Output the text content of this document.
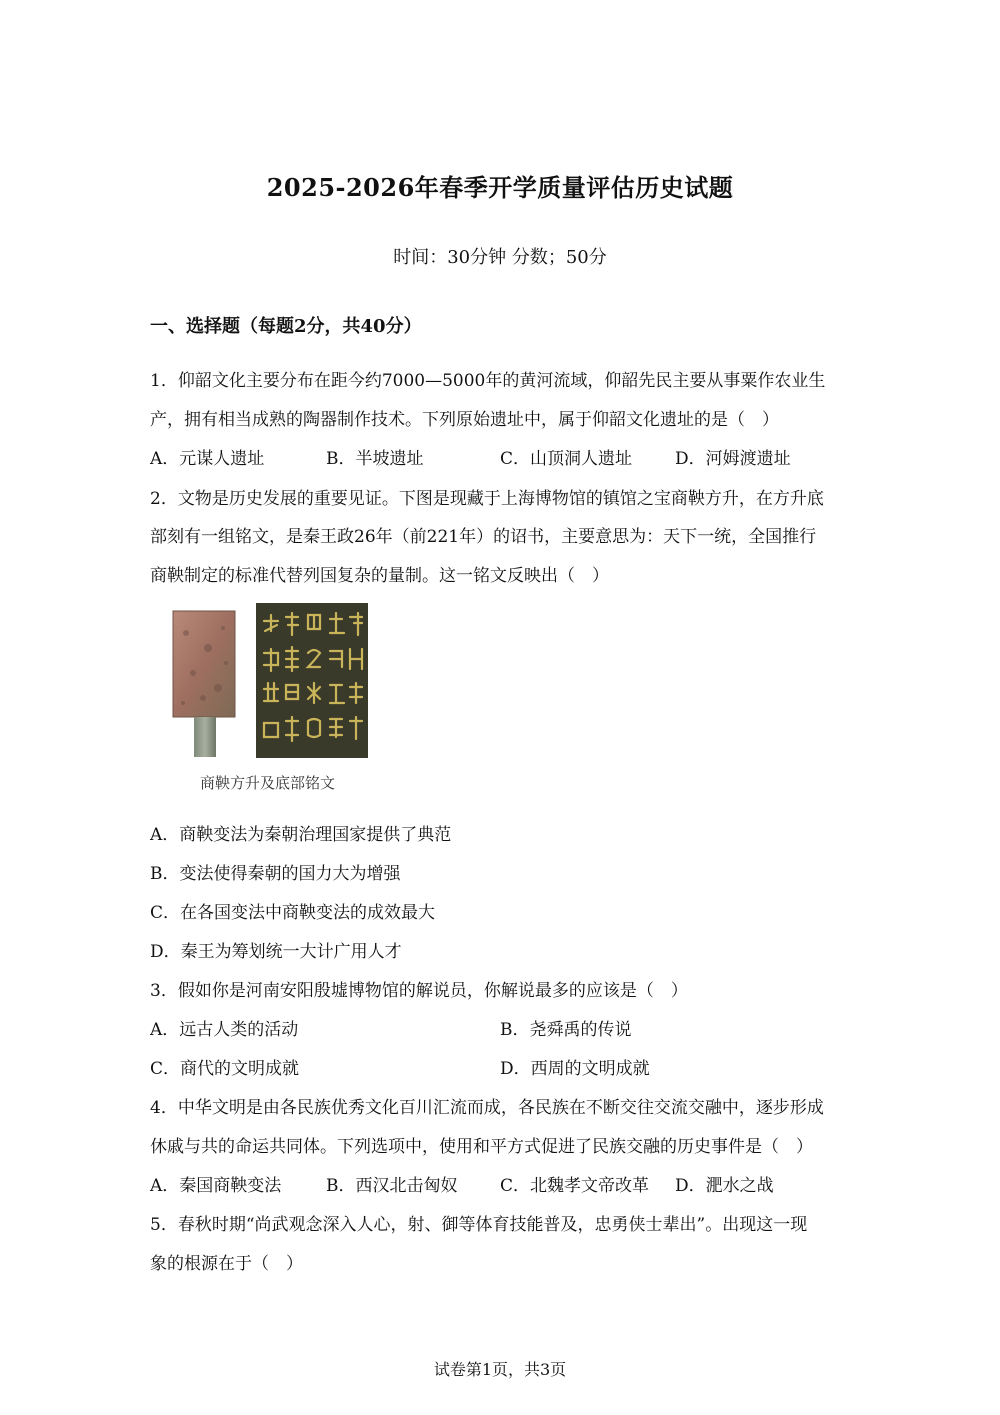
2025-2026年春季开学质量评估历史试题
时间：30分钟 分数；50分
一、选择题（每题2分，共40分）
1．仰韶文化主要分布在距今约7000—5000年的黄河流域，仰韶先民主要从事粟作农业生
产，拥有相当成熟的陶器制作技术。下列原始遗址中，属于仰韶文化遗址的是（　）
A．元谋人遗址	B．半坡遗址	C．山顶洞人遗址	D．河姆渡遗址
2．文物是历史发展的重要见证。下图是现藏于上海博物馆的镇馆之宝商鞅方升，在方升底
部刻有一组铭文，是秦王政26年（前221年）的诏书，主要意思为：天下一统，全国推行
商鞅制定的标准代替列国复杂的量制。这一铭文反映出（　）
商鞅方升及底部铭文
A．商鞅变法为秦朝治理国家提供了典范
B．变法使得秦朝的国力大为增强
C．在各国变法中商鞅变法的成效最大
D．秦王为筹划统一大计广用人才
3．假如你是河南安阳殷墟博物馆的解说员，你解说最多的应该是（　）
A．远古人类的活动	B．尧舜禹的传说
C．商代的文明成就	D．西周的文明成就
4．中华文明是由各民族优秀文化百川汇流而成，各民族在不断交往交流交融中，逐步形成
休戚与共的命运共同体。下列选项中，使用和平方式促进了民族交融的历史事件是（　）
A．秦国商鞅变法	B．西汉北击匈奴	C．北魏孝文帝改革 D．淝水之战
5．春秋时期“尚武观念深入人心，射、御等体育技能普及，忠勇侠士辈出”。出现这一现
象的根源在于（　）
试卷第1页，共3页
